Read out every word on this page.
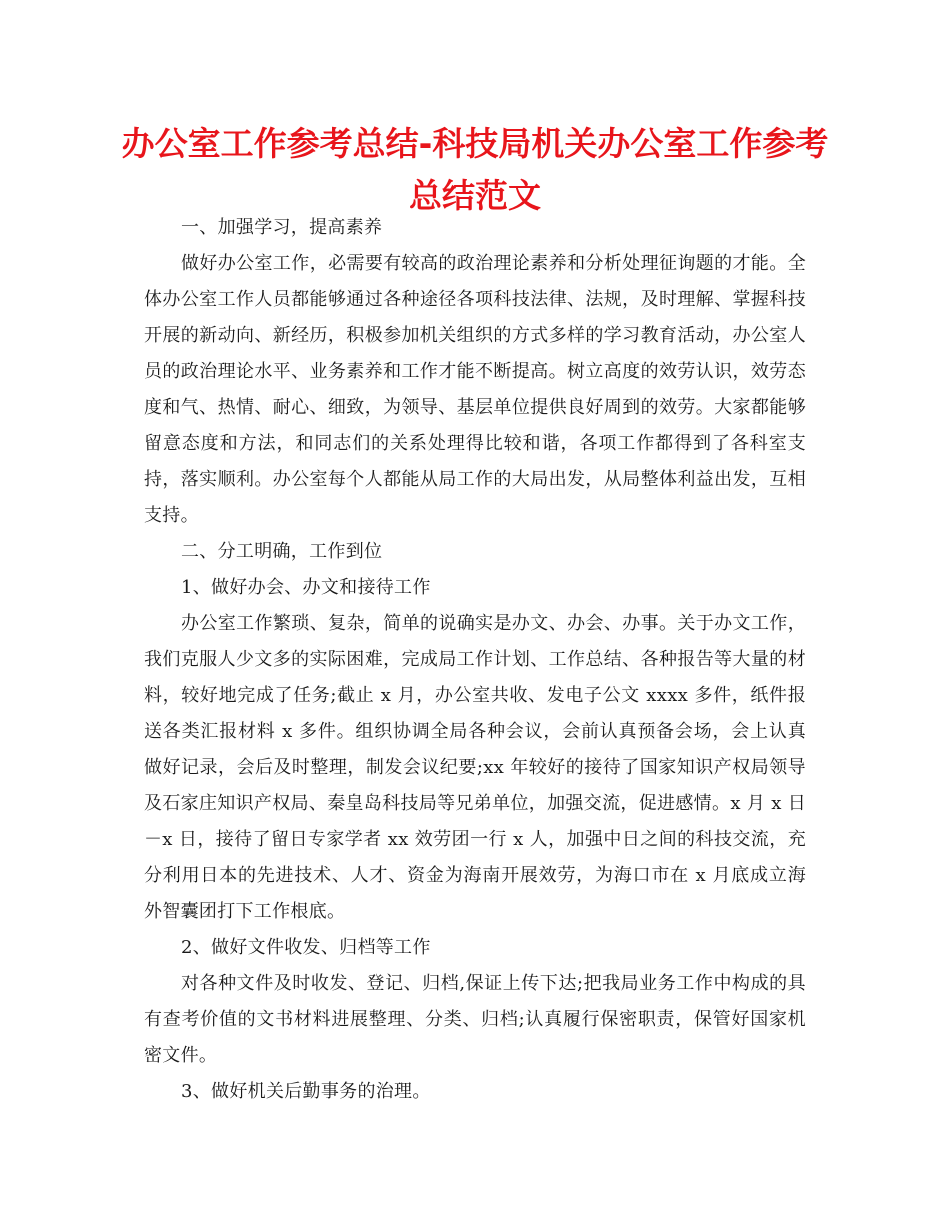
办公室工作参考总结-科技局机关办公室工作参考总结范文

一、加强学习，提高素养

做好办公室工作，必需要有较高的政治理论素养和分析处理征询题的才能。全体办公室工作人员都能够通过各种途径各项科技法律、法规，及时理解、掌握科技开展的新动向、新经历，积极参加机关组织的方式多样的学习教育活动，办公室人员的政治理论水平、业务素养和工作才能不断提高。树立高度的效劳认识，效劳态度和气、热情、耐心、细致，为领导、基层单位提供良好周到的效劳。大家都能够留意态度和方法，和同志们的关系处理得比较和谐，各项工作都得到了各科室支持，落实顺利。办公室每个人都能从局工作的大局出发，从局整体利益出发，互相支持。

二、分工明确，工作到位

1、做好办会、办文和接待工作

办公室工作繁琐、复杂，简单的说确实是办文、办会、办事。关于办文工作，我们克服人少文多的实际困难，完成局工作计划、工作总结、各种报告等大量的材料，较好地完成了任务;截止 x 月，办公室共收、发电子公文 xxxx 多件，纸件报送各类汇报材料 x 多件。组织协调全局各种会议，会前认真预备会场，会上认真做好记录，会后及时整理，制发会议纪要;xx 年较好的接待了国家知识产权局领导及石家庄知识产权局、秦皇岛科技局等兄弟单位，加强交流，促进感情。x 月 x 日－x 日，接待了留日专家学者 xx 效劳团一行 x 人，加强中日之间的科技交流，充分利用日本的先进技术、人才、资金为海南开展效劳，为海口市在 x 月底成立海外智囊团打下工作根底。

2、做好文件收发、归档等工作

对各种文件及时收发、登记、归档,保证上传下达;把我局业务工作中构成的具有查考价值的文书材料进展整理、分类、归档;认真履行保密职责，保管好国家机密文件。

3、做好机关后勤事务的治理。
